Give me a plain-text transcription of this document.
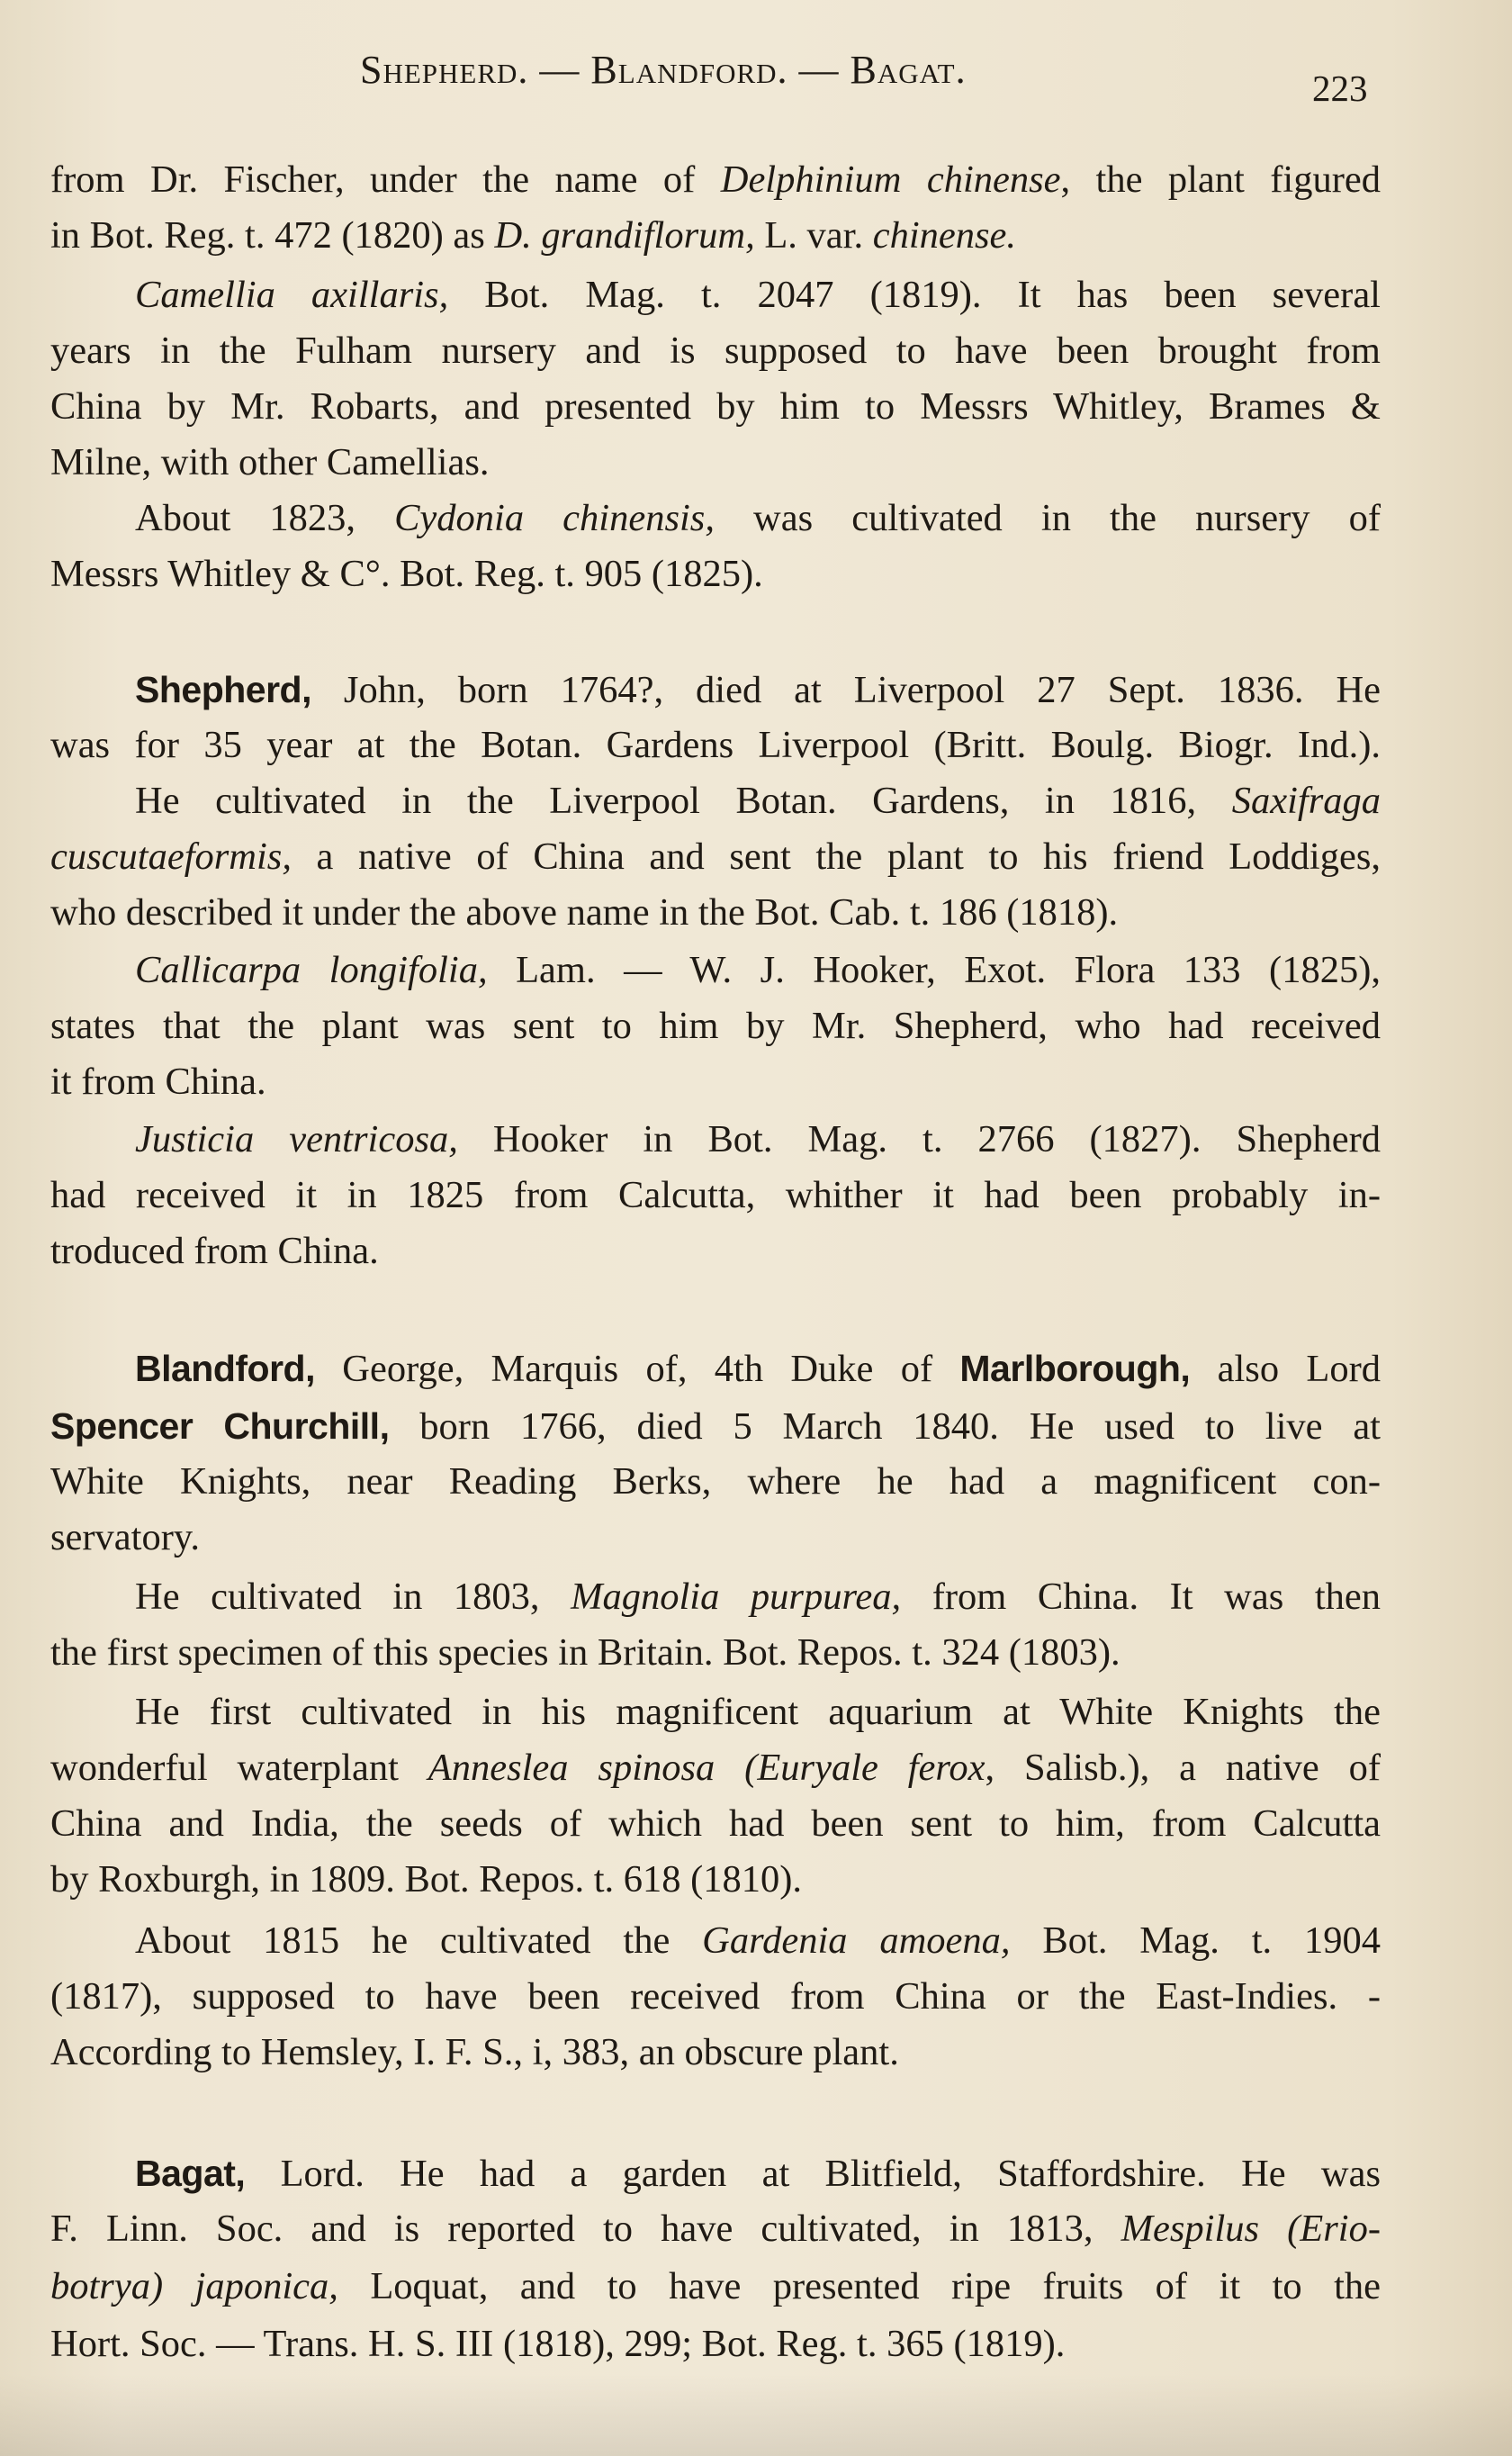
Shepherd. — Blandford. — Bagat.	223
from Dr. Fischer, under the name of Delphinium chinense, the plant figured
in Bot. Reg. t. 472 (1820) as D. grandiflorum, L. var. chinense.
Camellia axillaris, Bot. Mag. t. 2047 (1819). It has been several
years in the Fulham nursery and is supposed to have been brought from
China by Mr. Robarts, and presented by him to Messrs Whitley, Brames &
Milne, with other Camellias.
About 1823, Cydonia chinensis, was cultivated in the nursery of
Messrs Whitley & C°. Bot. Reg. t. 905 (1825).
Shepherd, John, born 1764?, died at Liverpool 27 Sept. 1836. He
was for 35 year at the Botan. Gardens Liverpool (Britt. Boulg. Biogr. Ind.).
He cultivated in the Liverpool Botan. Gardens, in 1816, Saxifraga
cuscutaeformis, a native of China and sent the plant to his friend Loddiges,
who described it under the above name in the Bot. Cab. t. 186 (1818).
Callicarpa longifolia, Lam. — W. J. Hooker, Exot. Flora 133 (1825),
states that the plant was sent to him by Mr. Shepherd, who had received
it from China.
Justicia ventricosa, Hooker in Bot. Mag. t. 2766 (1827). Shepherd
had received it in 1825 from Calcutta, whither it had been probably in-
troduced from China.
Blandford, George, Marquis of, 4th Duke of Marlborough, also Lord
Spencer Churchill, born 1766, died 5 March 1840. He used to live at
White Knights, near Reading Berks, where he had a magnificent con-
servatory.
He cultivated in 1803, Magnolia purpurea, from China. It was then
the first specimen of this species in Britain. Bot. Repos. t. 324 (1803).
He first cultivated in his magnificent aquarium at White Knights the
wonderful waterplant Anneslea spinosa (Euryale ferox, Salisb.), a native of
China and India, the seeds of which had been sent to him, from Calcutta
by Roxburgh, in 1809. Bot. Repos. t. 618 (1810).
About 1815 he cultivated the Gardenia amoena, Bot. Mag. t. 1904
(1817), supposed to have been received from China or the East-Indies. -
According to Hemsley, I. F. S., i, 383, an obscure plant.
Bagat, Lord. He had a garden at Blitfield, Staffordshire. He was
F. Linn. Soc. and is reported to have cultivated, in 1813, Mespilus (Erio-
botrya) japonica, Loquat, and to have presented ripe fruits of it to the
Hort. Soc. — Trans. H. S. III (1818), 299; Bot. Reg. t. 365 (1819).
